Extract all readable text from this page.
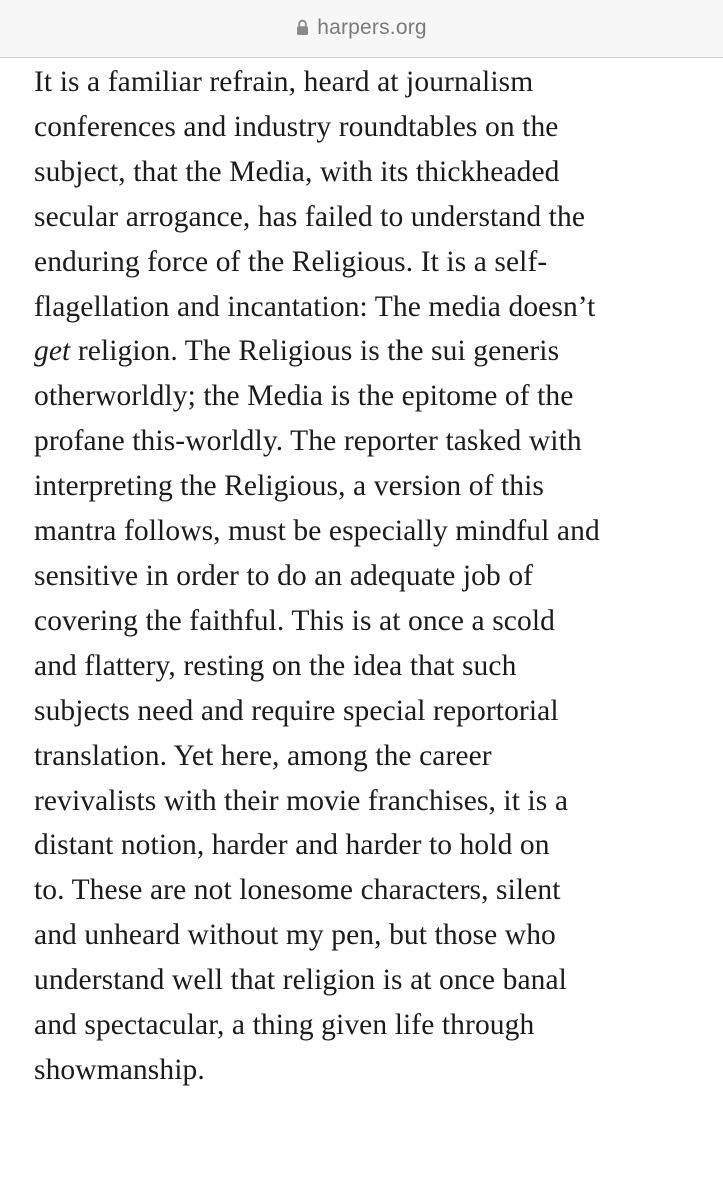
harpers.org

It is a familiar refrain, heard at journalism
conferences and industry roundtables on the
subject, that the Media, with its thickheaded
secular arrogance, has failed to understand the
enduring force of the Religious. It is a self-
flagellation and incantation: The media doesn’t
get religion. The Religious is the sui generis
otherworldly; the Media is the epitome of the
profane this-worldly. The reporter tasked with
interpreting the Religious, a version of this
mantra follows, must be especially mindful and
sensitive in order to do an adequate job of
covering the faithful. This is at once a scold
and flattery, resting on the idea that such
subjects need and require special reportorial
translation. Yet here, among the career
revivalists with their movie franchises, it is a
distant notion, harder and harder to hold on
to. These are not lonesome characters, silent
and unheard without my pen, but those who
understand well that religion is at once banal
and spectacular, a thing given life through
showmanship.
